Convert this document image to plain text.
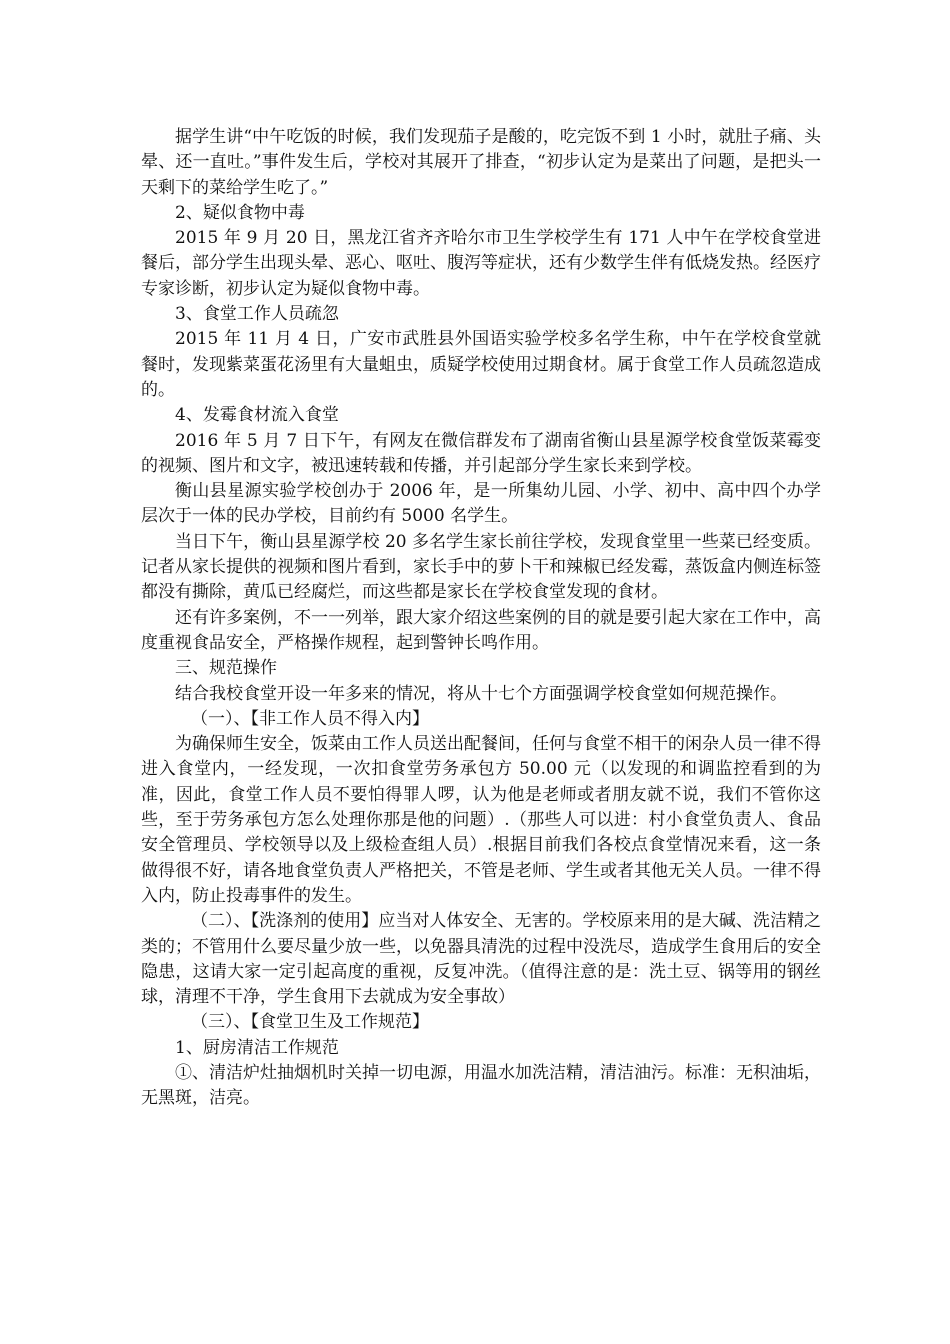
据学生讲“中午吃饭的时候，我们发现茄子是酸的，吃完饭不到 1 小时，就肚子痛、头晕、还一直吐。”事件发生后，学校对其展开了排查，“初步认定为是菜出了问题，是把头一天剩下的菜给学生吃了。”

2、疑似食物中毒

2015 年 9 月 20 日，黑龙江省齐齐哈尔市卫生学校学生有 171 人中午在学校食堂进餐后，部分学生出现头晕、恶心、呕吐、腹泻等症状，还有少数学生伴有低烧发热。经医疗专家诊断，初步认定为疑似食物中毒。

3、食堂工作人员疏忽

2015 年 11 月 4 日，广安市武胜县外国语实验学校多名学生称，中午在学校食堂就餐时，发现紫菜蛋花汤里有大量蛆虫，质疑学校使用过期食材。属于食堂工作人员疏忽造成的。

4、发霉食材流入食堂

2016 年 5 月 7 日下午，有网友在微信群发布了湖南省衡山县星源学校食堂饭菜霉变的视频、图片和文字，被迅速转载和传播，并引起部分学生家长来到学校。

衡山县星源实验学校创办于 2006 年，是一所集幼儿园、小学、初中、高中四个办学层次于一体的民办学校，目前约有 5000 名学生。

当日下午，衡山县星源学校 20 多名学生家长前往学校，发现食堂里一些菜已经变质。记者从家长提供的视频和图片看到，家长手中的萝卜干和辣椒已经发霉，蒸饭盒内侧连标签都没有撕除，黄瓜已经腐烂，而这些都是家长在学校食堂发现的食材。

还有许多案例，不一一列举，跟大家介绍这些案例的目的就是要引起大家在工作中，高度重视食品安全，严格操作规程，起到警钟长鸣作用。

三、规范操作

结合我校食堂开设一年多来的情况，将从十七个方面强调学校食堂如何规范操作。

（一）、【非工作人员不得入内】

为确保师生安全，饭菜由工作人员送出配餐间，任何与食堂不相干的闲杂人员一律不得进入食堂内，一经发现，一次扣食堂劳务承包方 50.00 元（以发现的和调监控看到的为准，因此，食堂工作人员不要怕得罪人啰，认为他是老师或者朋友就不说，我们不管你这些，至于劳务承包方怎么处理你那是他的问题）.（那些人可以进：村小食堂负责人、食品安全管理员、学校领导以及上级检查组人员）.根据目前我们各校点食堂情况来看，这一条做得很不好，请各地食堂负责人严格把关，不管是老师、学生或者其他无关人员。一律不得入内，防止投毒事件的发生。

（二）、【洗涤剂的使用】应当对人体安全、无害的。学校原来用的是大碱、洗洁精之类的；不管用什么要尽量少放一些，以免器具清洗的过程中没洗尽，造成学生食用后的安全隐患，这请大家一定引起高度的重视，反复冲洗。（值得注意的是：洗土豆、锅等用的钢丝球，清理不干净，学生食用下去就成为安全事故）

（三）、【食堂卫生及工作规范】

1、厨房清洁工作规范

①、清洁炉灶抽烟机时关掉一切电源，用温水加洗洁精，清洁油污。标准：无积油垢，无黑斑，洁亮。
